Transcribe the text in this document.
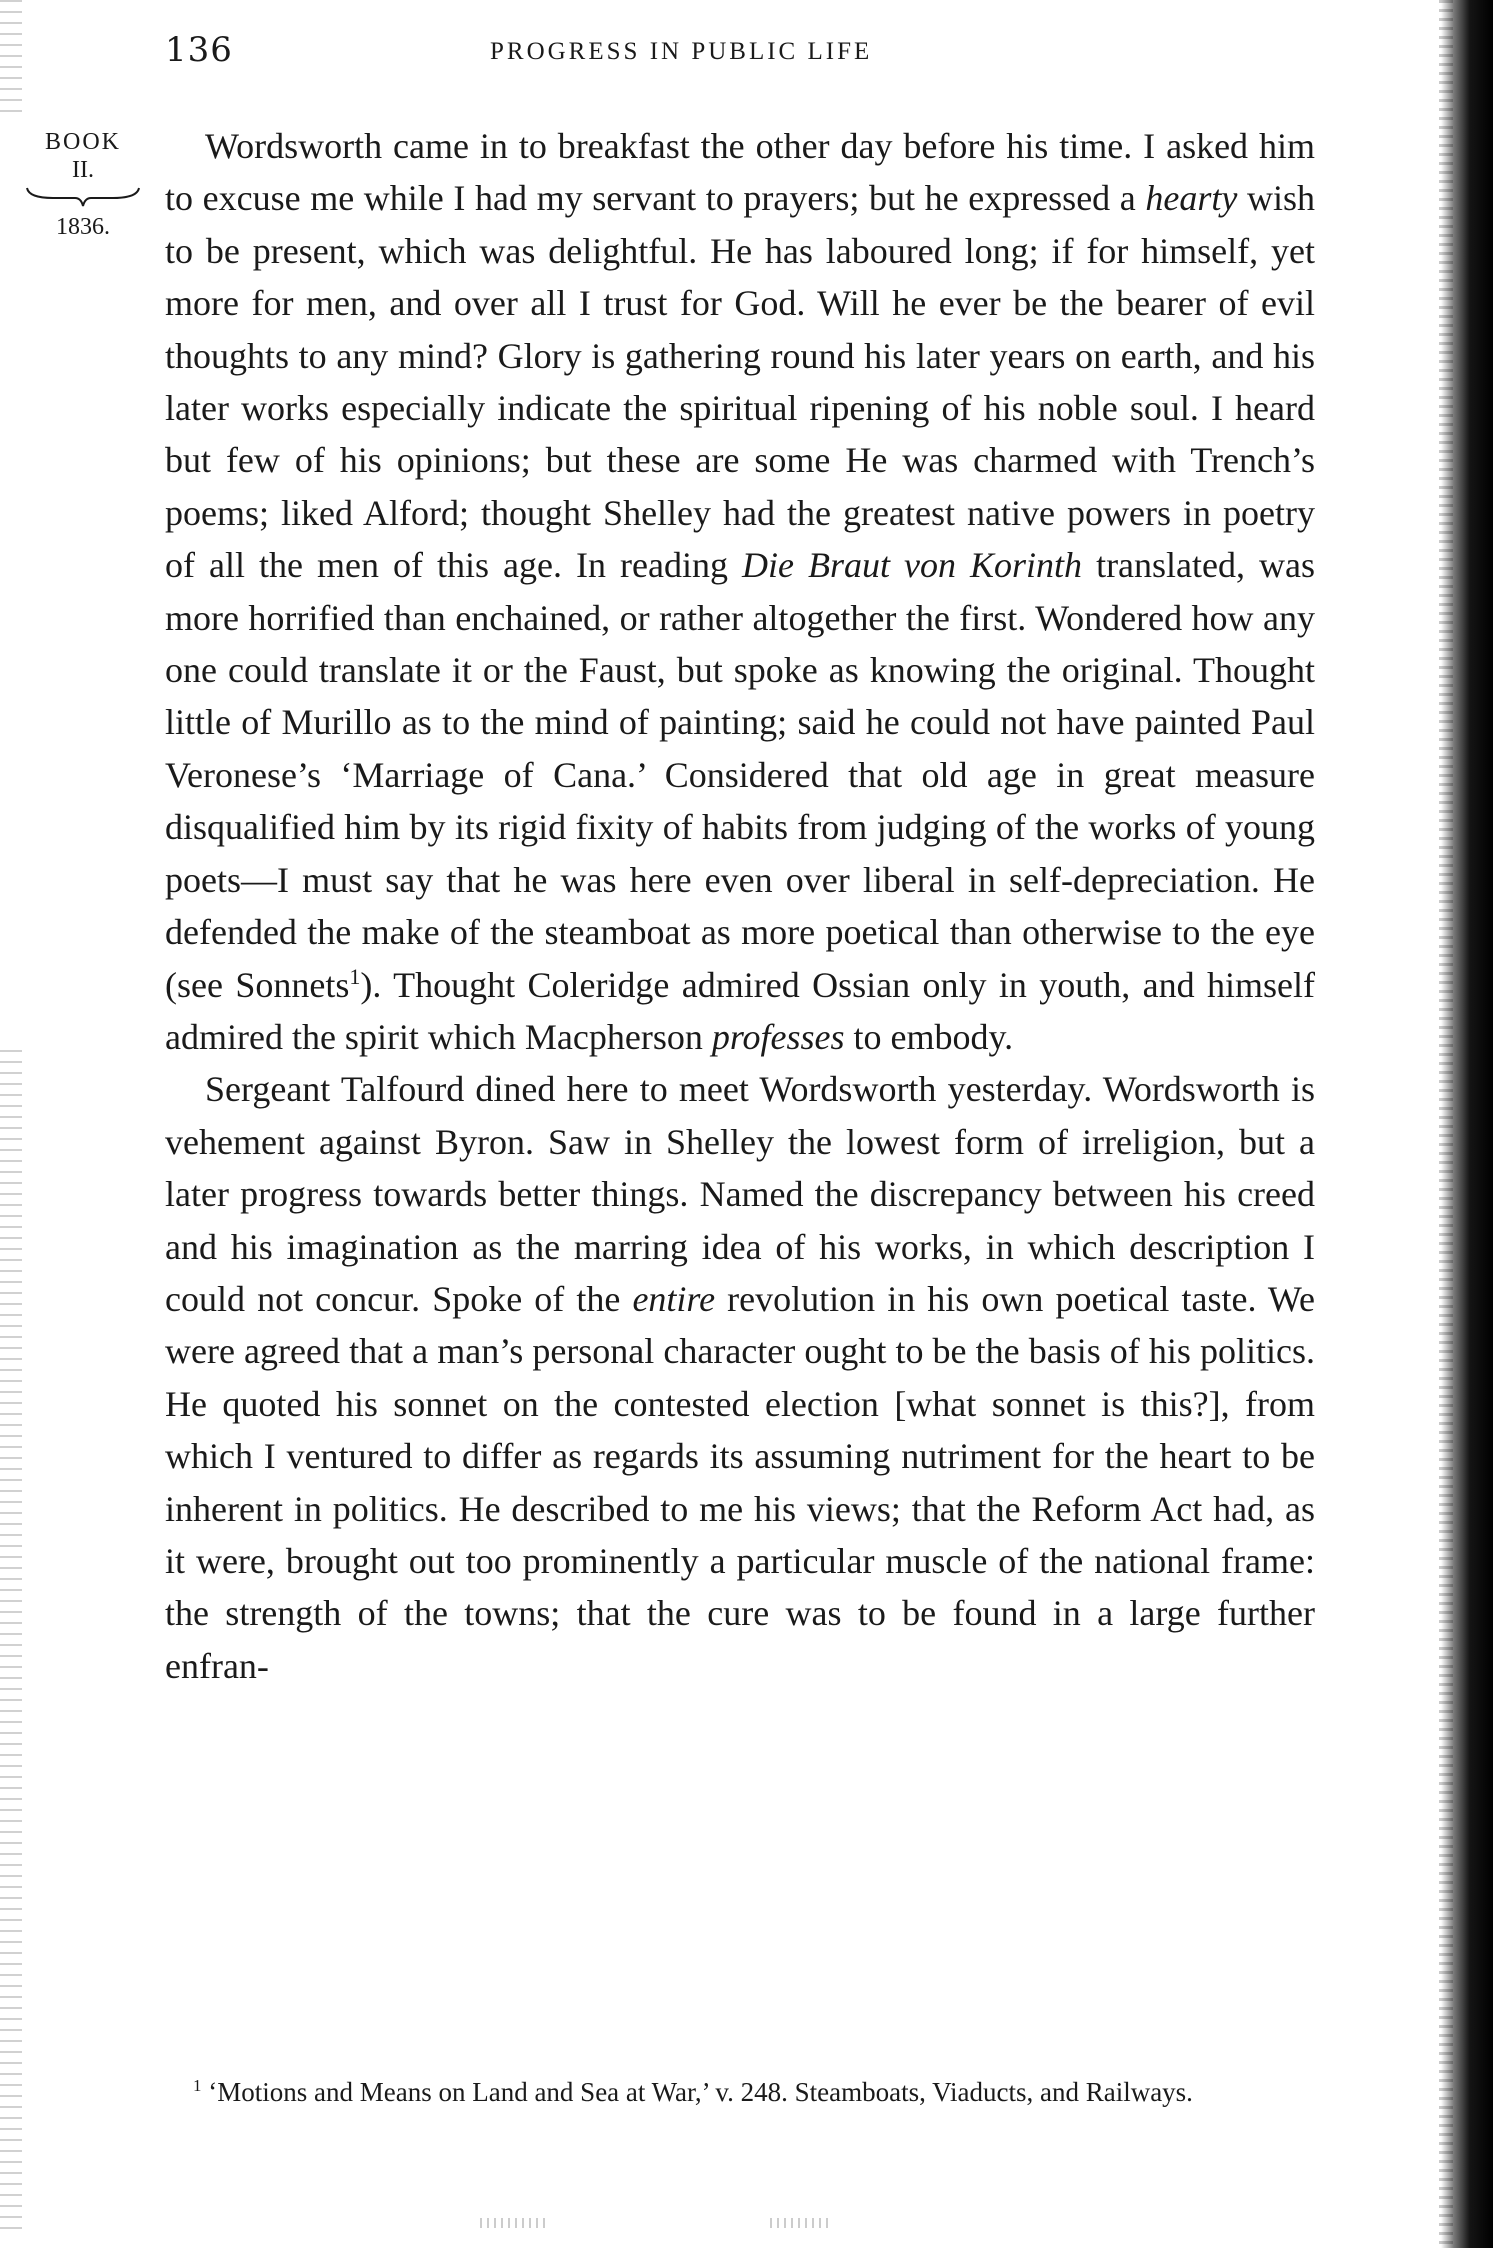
136	PROGRESS IN PUBLIC LIFE
BOOK
II.
1836.

Wordsworth came in to breakfast the other day before his time. I asked him to excuse me while I had my servant to prayers; but he expressed a hearty wish to be present, which was delightful. He has laboured long; if for himself, yet more for men, and over all I trust for God. Will he ever be the bearer of evil thoughts to any mind? Glory is gathering round his later years on earth, and his later works especially indicate the spiritual ripening of his noble soul. I heard but few of his opinions; but these are some He was charmed with Trench’s poems; liked Alford; thought Shelley had the greatest native powers in poetry of all the men of this age. In reading Die Braut von Korinth translated, was more horrified than enchained, or rather altogether the first. Wondered how any one could translate it or the Faust, but spoke as knowing the original. Thought little of Murillo as to the mind of painting; said he could not have painted Paul Veronese’s ‘Marriage of Cana.’ Considered that old age in great measure disqualified him by its rigid fixity of habits from judging of the works of young poets—I must say that he was here even over liberal in self-depreciation. He defended the make of the steamboat as more poetical than otherwise to the eye (see Sonnets$^1$). Thought Coleridge admired Ossian only in youth, and himself admired the spirit which Macpherson professes to embody.

Sergeant Talfourd dined here to meet Wordsworth yesterday. Wordsworth is vehement against Byron. Saw in Shelley the lowest form of irreligion, but a later progress towards better things. Named the discrepancy between his creed and his imagination as the marring idea of his works, in which description I could not concur. Spoke of the entire revolution in his own poetical taste. We were agreed that a man’s personal character ought to be the basis of his politics. He quoted his sonnet on the contested election [what sonnet is this?], from which I ventured to differ as regards its assuming nutriment for the heart to be inherent in politics. He described to me his views; that the Reform Act had, as it were, brought out too prominently a particular muscle of the national frame: the strength of the towns; that the cure was to be found in a large further enfran-

$^1$ ‘Motions and Means on Land and Sea at War,’ v. 248. Steamboats, Viaducts, and Railways.
